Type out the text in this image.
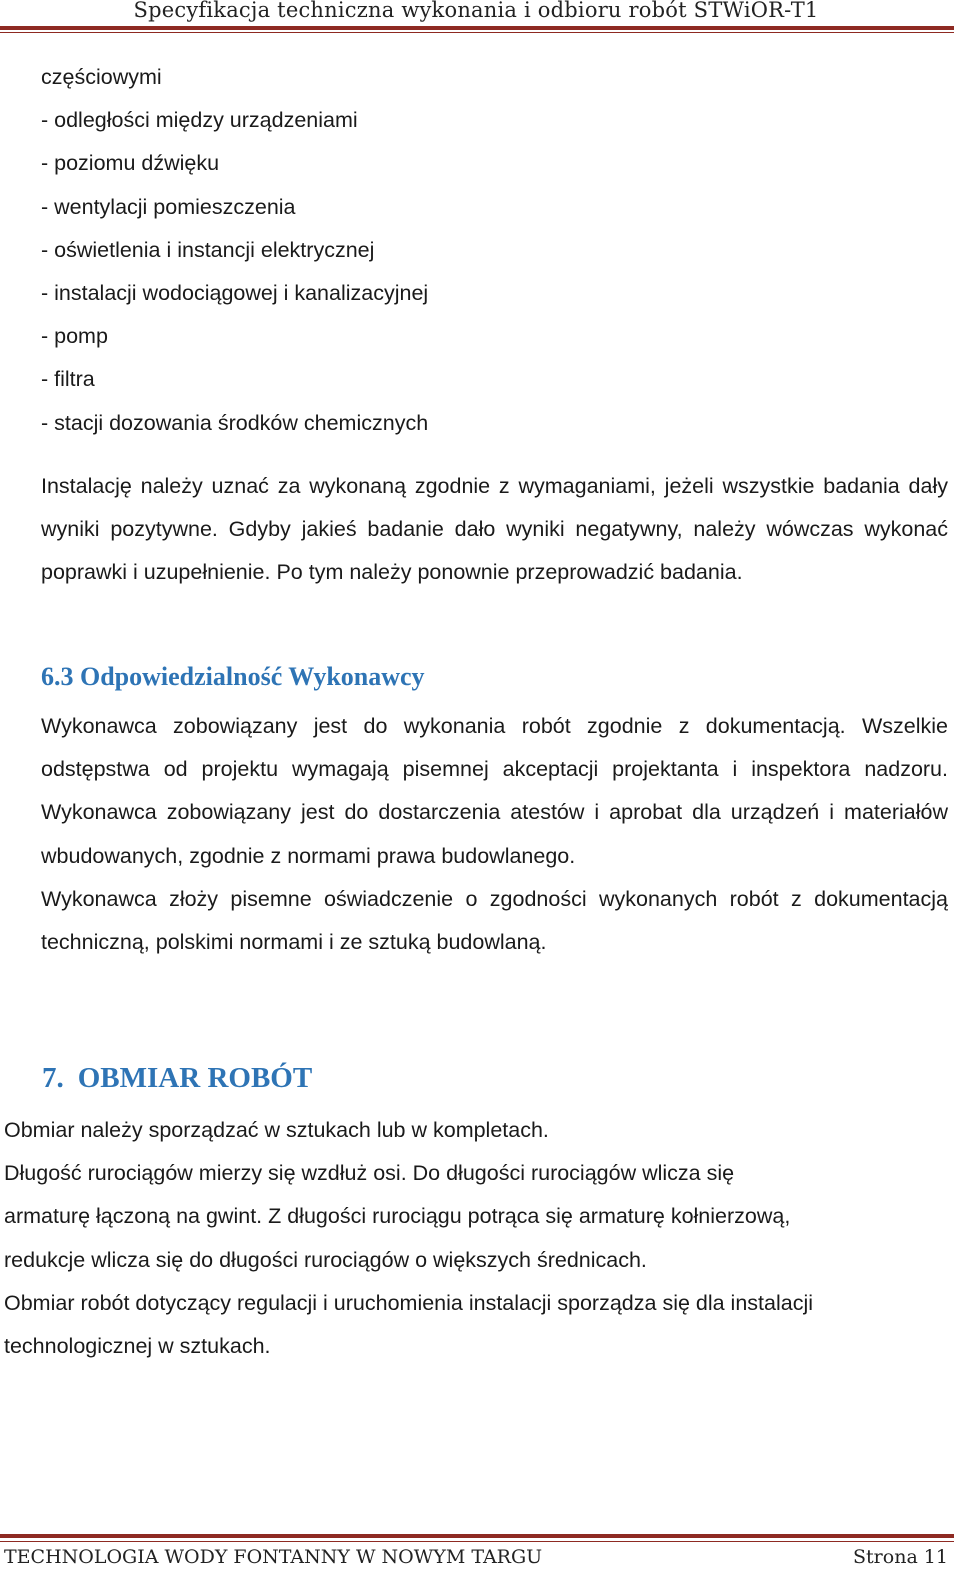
Specyfikacja techniczna wykonania i odbioru robót STWiOR-T1
częściowymi
- odległości między urządzeniami
- poziomu dźwięku
- wentylacji pomieszczenia
- oświetlenia i instancji elektrycznej
- instalacji wodociągowej i kanalizacyjnej
- pomp
- filtra
- stacji dozowania środków chemicznych
Instalację należy uznać za wykonaną zgodnie z wymaganiami, jeżeli wszystkie badania dały wyniki pozytywne. Gdyby jakieś badanie dało wyniki negatywny, należy wówczas wykonać poprawki i uzupełnienie. Po tym należy ponownie przeprowadzić badania.
6.3 Odpowiedzialność Wykonawcy
Wykonawca zobowiązany jest do wykonania robót zgodnie z dokumentacją. Wszelkie odstępstwa od projektu wymagają pisemnej akceptacji projektanta i inspektora nadzoru. Wykonawca zobowiązany jest do dostarczenia atestów i aprobat dla urządzeń i materiałów wbudowanych, zgodnie z normami prawa budowlanego.
Wykonawca złoży pisemne oświadczenie o zgodności wykonanych robót z dokumentacją techniczną, polskimi normami i ze sztuką budowlaną.
7. OBMIAR ROBÓT
Obmiar należy sporządzać w sztukach lub w kompletach.
Długość rurociągów mierzy się wzdłuż osi. Do długości rurociągów wlicza się
armaturę łączoną na gwint. Z długości rurociągu potrąca się armaturę kołnierzową,
redukcje wlicza się do długości rurociągów o większych średnicach.
Obmiar robót dotyczący regulacji i uruchomienia instalacji sporządza się dla instalacji
technologicznej w sztukach.
TECHNOLOGIA WODY FONTANNY W NOWYM TARGU	Strona 11
